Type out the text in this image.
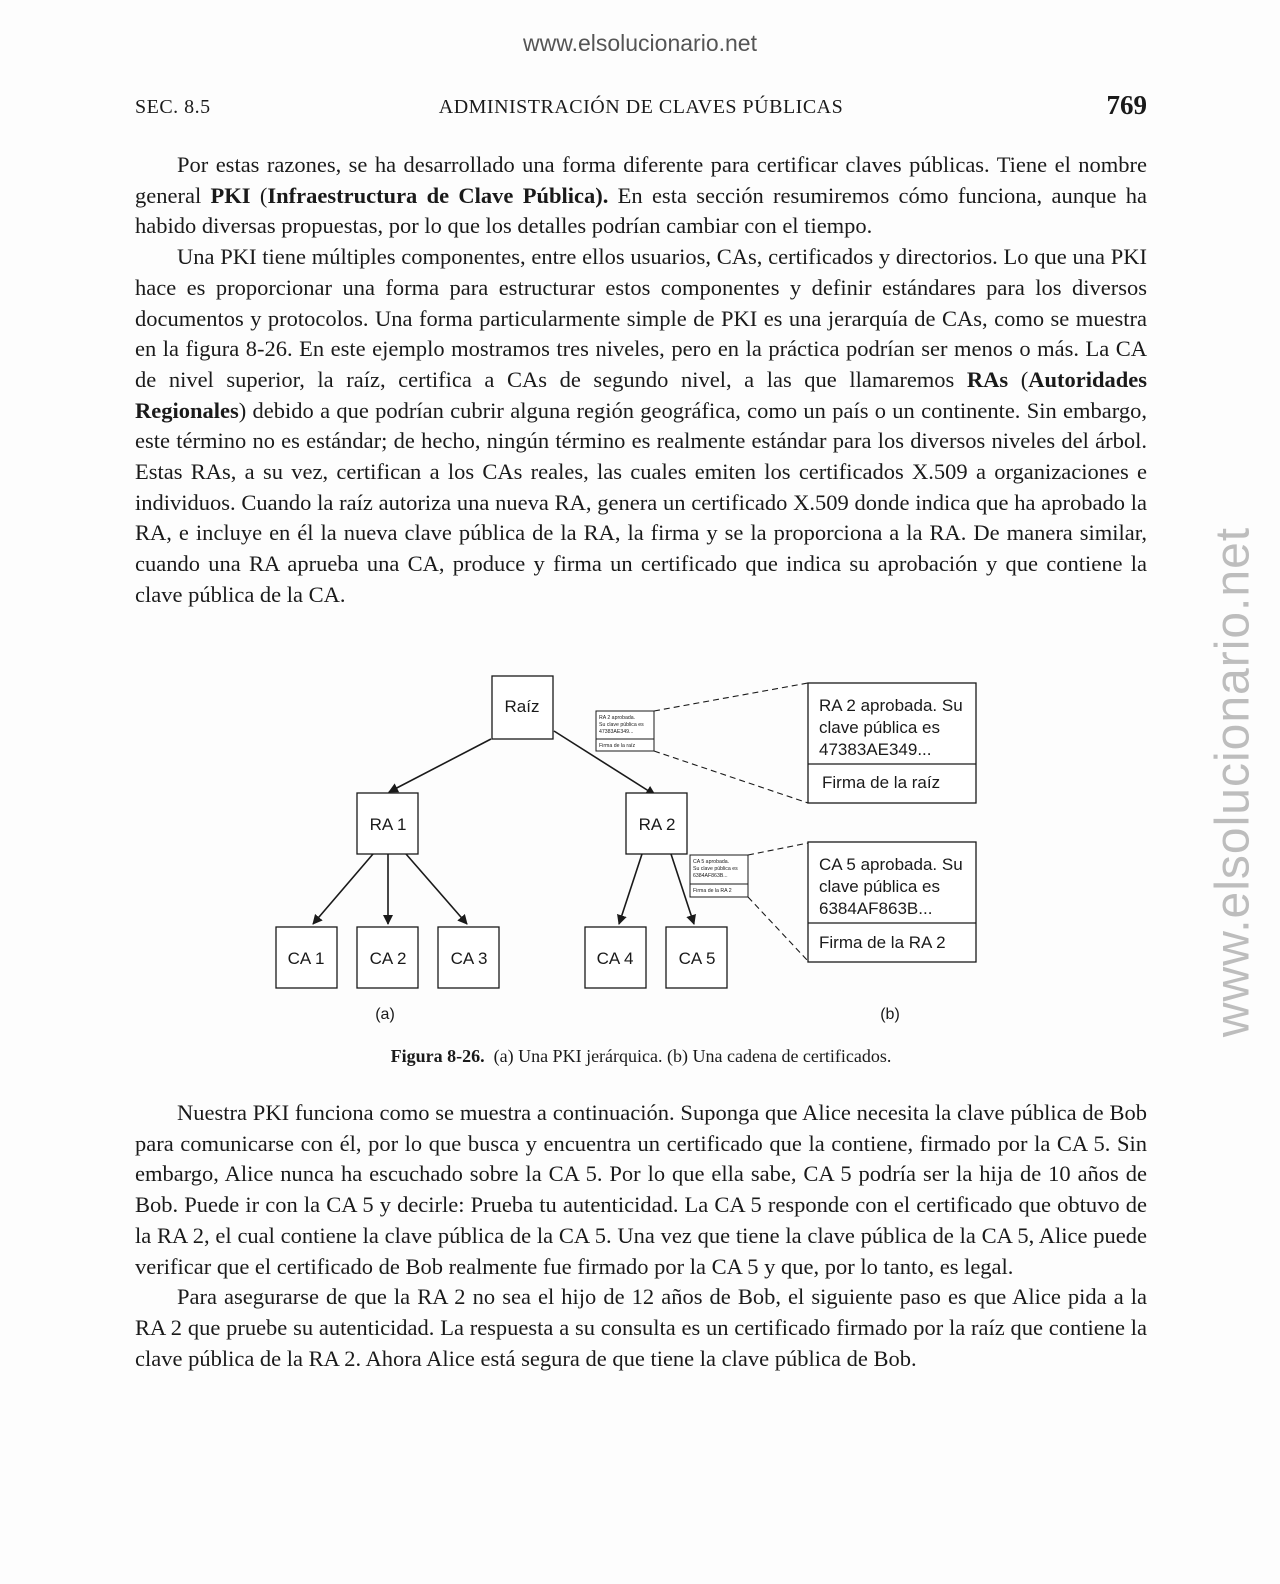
www.elsolucionario.net
www.elsolucionario.net
SEC. 8.5	ADMINISTRACIÓN DE CLAVES PÚBLICAS	769

Por estas razones, se ha desarrollado una forma diferente para certificar claves públicas. Tiene el nombre general PKI (Infraestructura de Clave Pública). En esta sección resumiremos cómo funciona, aunque ha habido diversas propuestas, por lo que los detalles podrían cambiar con el tiempo.

Una PKI tiene múltiples componentes, entre ellos usuarios, CAs, certificados y directorios. Lo que una PKI hace es proporcionar una forma para estructurar estos componentes y definir estándares para los diversos documentos y protocolos. Una forma particularmente simple de PKI es una jerarquía de CAs, como se muestra en la figura 8-26. En este ejemplo mostramos tres niveles, pero en la práctica podrían ser menos o más. La CA de nivel superior, la raíz, certifica a CAs de segundo nivel, a las que llamaremos RAs (Autoridades Regionales) debido a que podrían cubrir alguna región geográfica, como un país o un continente. Sin embargo, este término no es estándar; de hecho, ningún término es realmente estándar para los diversos niveles del árbol. Estas RAs, a su vez, certifican a los CAs reales, las cuales emiten los certificados X.509 a organizaciones e individuos. Cuando la raíz autoriza una nueva RA, genera un certificado X.509 donde indica que ha aprobado la RA, e incluye en él la nueva clave pública de la RA, la firma y se la proporciona a la RA. De manera similar, cuando una RA aprueba una CA, produce y firma un certificado que indica su aprobación y que contiene la clave pública de la CA.

Raíz
RA 1	RA 2
CA 1	CA 2	CA 3	CA 4	CA 5
RA 2 aprobada.
Su clave pública es
47383AE349...
Firma de la raíz
CA 5 aprobada.
Su clave pública es
6384AF863B...
Firma de la RA 2
RA 2 aprobada. Su
clave pública es
47383AE349...
Firma de la raíz
CA 5 aprobada. Su
clave pública es
6384AF863B...
Firma de la RA 2
(a)	(b)
Figura 8-26. (a) Una PKI jerárquica. (b) Una cadena de certificados.

Nuestra PKI funciona como se muestra a continuación. Suponga que Alice necesita la clave pública de Bob para comunicarse con él, por lo que busca y encuentra un certificado que la contiene, firmado por la CA 5. Sin embargo, Alice nunca ha escuchado sobre la CA 5. Por lo que ella sabe, CA 5 podría ser la hija de 10 años de Bob. Puede ir con la CA 5 y decirle: Prueba tu autenticidad. La CA 5 responde con el certificado que obtuvo de la RA 2, el cual contiene la clave pública de la CA 5. Una vez que tiene la clave pública de la CA 5, Alice puede verificar que el certificado de Bob realmente fue firmado por la CA 5 y que, por lo tanto, es legal.

Para asegurarse de que la RA 2 no sea el hijo de 12 años de Bob, el siguiente paso es que Alice pida a la RA 2 que pruebe su autenticidad. La respuesta a su consulta es un certificado firmado por la raíz que contiene la clave pública de la RA 2. Ahora Alice está segura de que tiene la clave pública de Bob.
